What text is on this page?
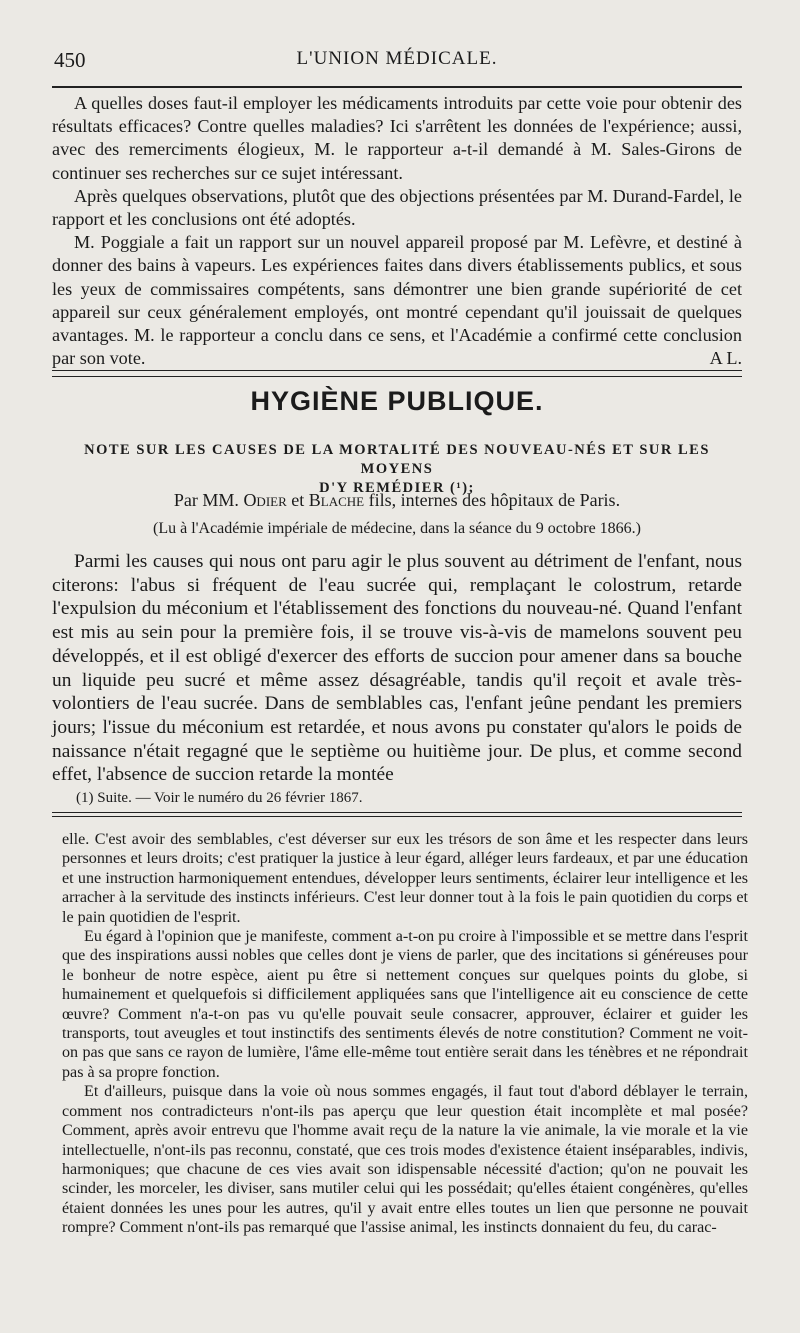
450	L'UNION MÉDICALE.

A quelles doses faut-il employer les médicaments introduits par cette voie pour obtenir des résultats efficaces? Contre quelles maladies? Ici s'arrêtent les données de l'expérience; aussi, avec des remerciments élogieux, M. le rapporteur a-t-il demandé à M. Sales-Girons de continuer ses recherches sur ce sujet intéressant.

Après quelques observations, plutôt que des objections présentées par M. Durand-Fardel, le rapport et les conclusions ont été adoptés.

M. Poggiale a fait un rapport sur un nouvel appareil proposé par M. Lefèvre, et destiné à donner des bains à vapeurs. Les expériences faites dans divers établissements publics, et sous les yeux de commissaires compétents, sans démontrer une bien grande supériorité de cet appareil sur ceux généralement employés, ont montré cependant qu'il jouissait de quelques avantages. M. le rapporteur a conclu dans ce sens, et l'Académie a confirmé cette conclusion par son vote.	A L.

HYGIÈNE PUBLIQUE.
NOTE SUR LES CAUSES DE LA MORTALITÉ DES NOUVEAU-NÉS ET SUR LES MOYENS
D'Y REMÉDIER (¹);
Par MM. Odier et Blache fils, internes des hôpitaux de Paris.
(Lu à l'Académie impériale de médecine, dans la séance du 9 octobre 1866.)

Parmi les causes qui nous ont paru agir le plus souvent au détriment de l'enfant, nous citerons: l'abus si fréquent de l'eau sucrée qui, remplaçant le colostrum, retarde l'expulsion du méconium et l'établissement des fonctions du nouveau-né. Quand l'enfant est mis au sein pour la première fois, il se trouve vis-à-vis de mamelons souvent peu développés, et il est obligé d'exercer des efforts de succion pour amener dans sa bouche un liquide peu sucré et même assez désagréable, tandis qu'il reçoit et avale très-volontiers de l'eau sucrée. Dans de semblables cas, l'enfant jeûne pendant les premiers jours; l'issue du méconium est retardée, et nous avons pu constater qu'alors le poids de naissance n'était regagné que le septième ou huitième jour. De plus, et comme second effet, l'absence de succion retarde la montée

(1) Suite. — Voir le numéro du 26 février 1867.

elle. C'est avoir des semblables, c'est déverser sur eux les trésors de son âme et les respecter dans leurs personnes et leurs droits; c'est pratiquer la justice à leur égard, alléger leurs fardeaux, et par une éducation et une instruction harmoniquement entendues, développer leurs sentiments, éclairer leur intelligence et les arracher à la servitude des instincts inférieurs. C'est leur donner tout à la fois le pain quotidien du corps et le pain quotidien de l'esprit.

Eu égard à l'opinion que je manifeste, comment a-t-on pu croire à l'impossible et se mettre dans l'esprit que des inspirations aussi nobles que celles dont je viens de parler, que des incitations si généreuses pour le bonheur de notre espèce, aient pu être si nettement conçues sur quelques points du globe, si humainement et quelquefois si difficilement appliquées sans que l'intelligence ait eu conscience de cette œuvre? Comment n'a-t-on pas vu qu'elle pouvait seule consacrer, approuver, éclairer et guider les transports, tout aveugles et tout instinctifs des sentiments élevés de notre constitution? Comment ne voit-on pas que sans ce rayon de lumière, l'âme elle-même tout entière serait dans les ténèbres et ne répondrait pas à sa propre fonction.

Et d'ailleurs, puisque dans la voie où nous sommes engagés, il faut tout d'abord déblayer le terrain, comment nos contradicteurs n'ont-ils pas aperçu que leur question était incomplète et mal posée? Comment, après avoir entrevu que l'homme avait reçu de la nature la vie animale, la vie morale et la vie intellectuelle, n'ont-ils pas reconnu, constaté, que ces trois modes d'existence étaient inséparables, indivis, harmoniques; que chacune de ces vies avait son idispensable nécessité d'action; qu'on ne pouvait les scinder, les morceler, les diviser, sans mutiler celui qui les possédait; qu'elles étaient congénères, qu'elles étaient données les unes pour les autres, qu'il y avait entre elles toutes un lien que personne ne pouvait rompre? Comment n'ont-ils pas remarqué que l'assise animal, les instincts donnaient du feu, du carac-
